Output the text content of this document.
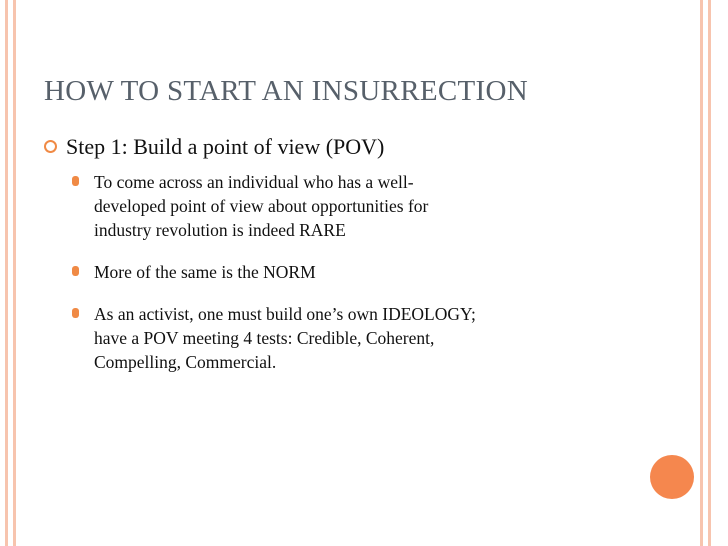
HOW TO START AN INSURRECTION
Step 1: Build a point of view (POV)
To come across an individual who has a well-
developed point of view about opportunities for
industry revolution is indeed RARE
More of the same is the NORM
As an activist, one must build one’s own IDEOLOGY;
have a POV meeting 4 tests: Credible, Coherent,
Compelling, Commercial.
